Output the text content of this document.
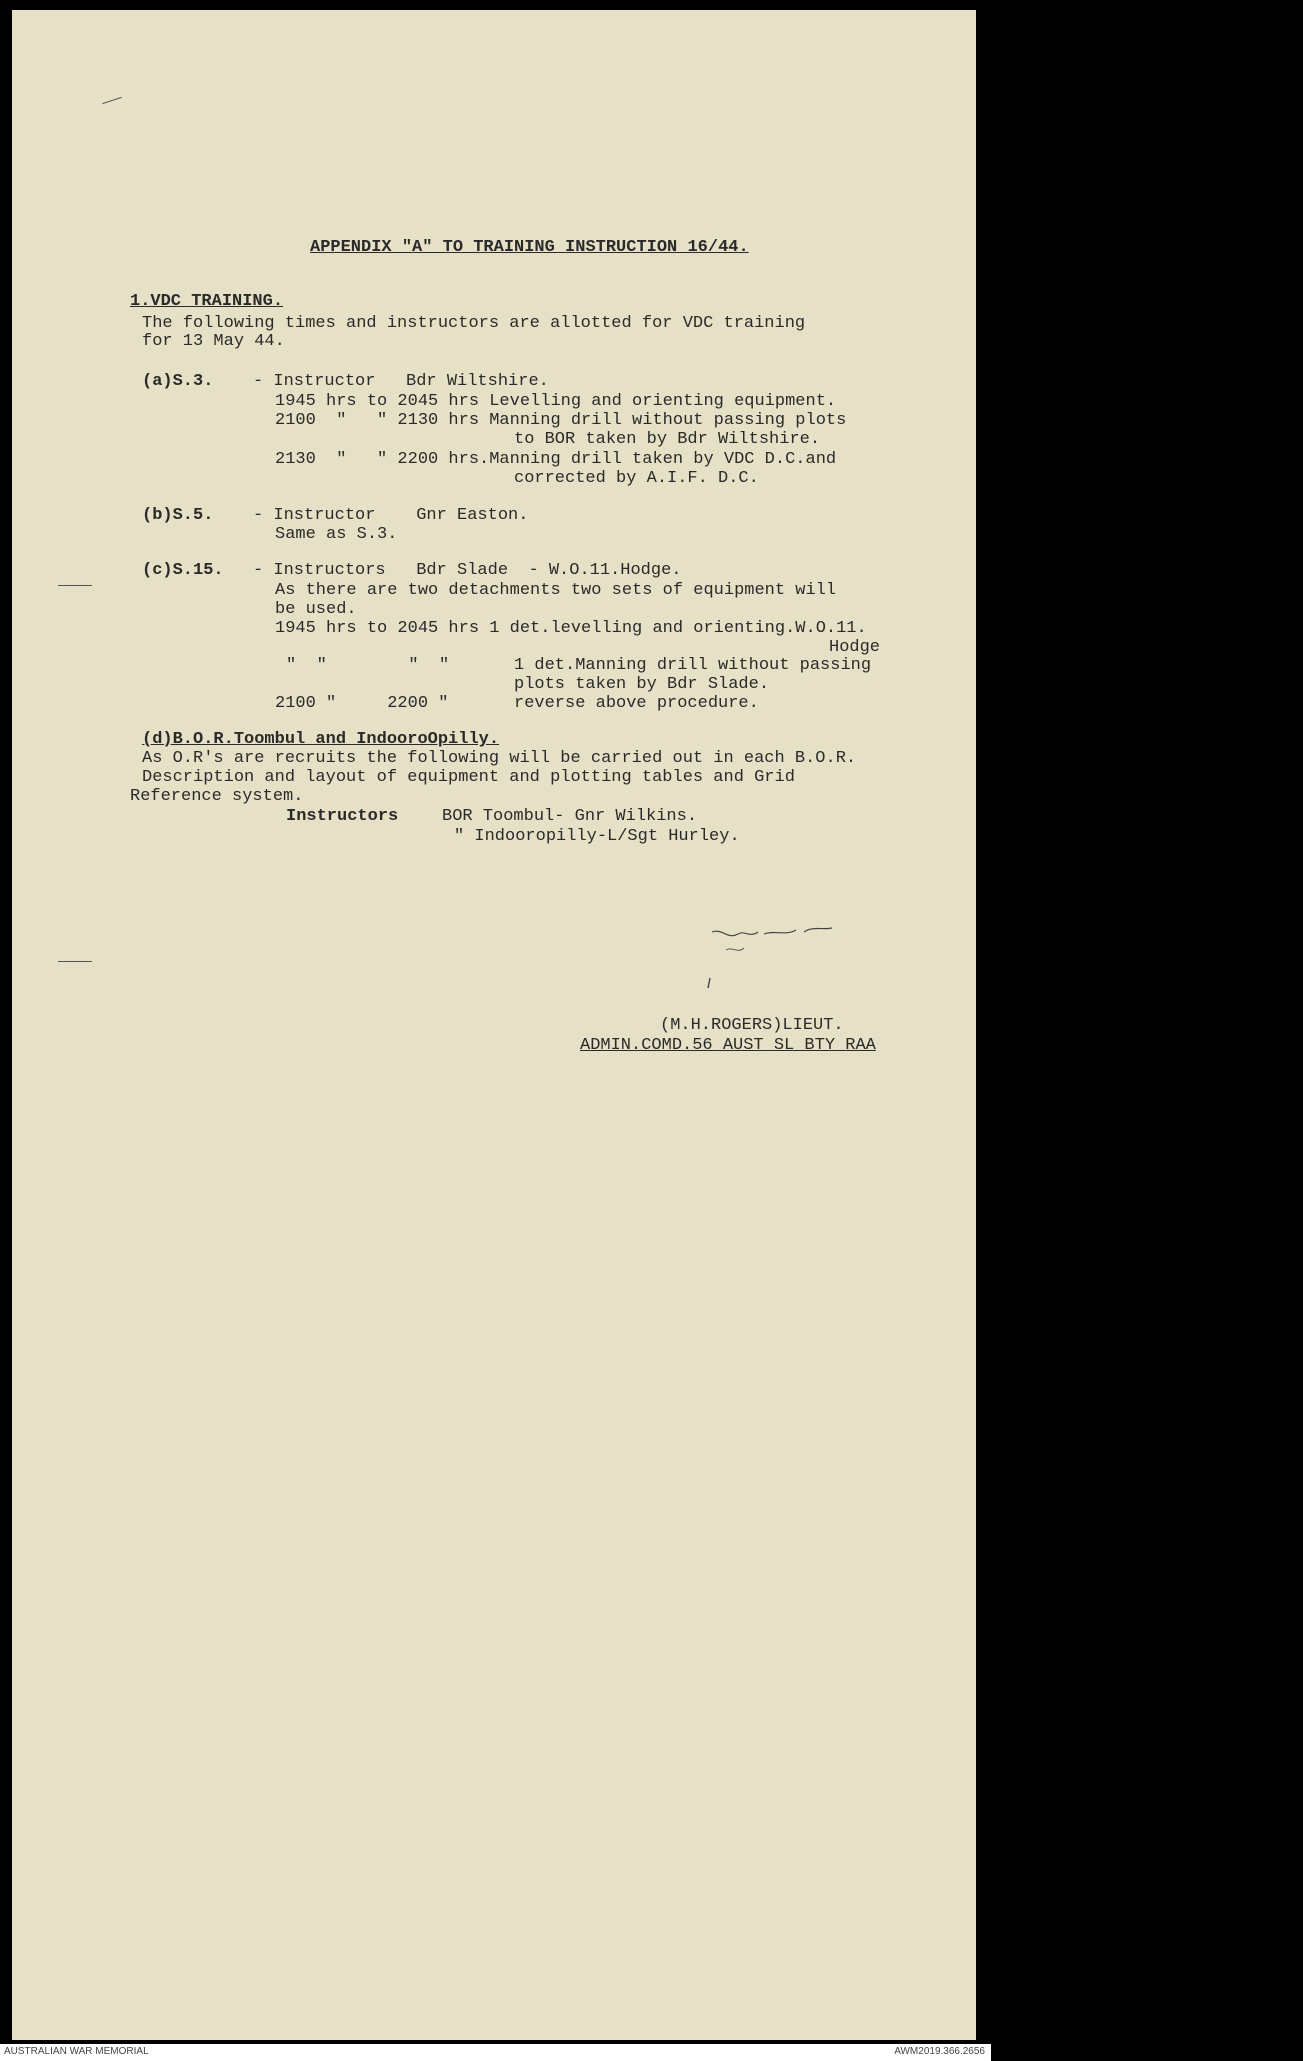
APPENDIX "A" TO TRAINING INSTRUCTION 16/44.
1.VDC TRAINING.
The following times and instructors are allotted for VDC training
for 13 May 44.
(a)S.3. - Instructor   Bdr Wiltshire.
1945 hrs to 2045 hrs Levelling and orienting equipment.
2100  "   " 2130 hrs Manning drill without passing plots
to BOR taken by Bdr Wiltshire.
2130  "   " 2200 hrs.Manning drill taken by VDC D.C.and
corrected by A.I.F. D.C.
(b)S.5. - Instructor    Gnr Easton.
Same as S.3.
(c)S.15. - Instructors   Bdr Slade  - W.O.11.Hodge.
As there are two detachments two sets of equipment will
be used.
1945 hrs to 2045 hrs 1 det.levelling and orienting.W.O.11.
Hodge
"  "        "  "	1 det.Manning drill without passing
plots taken by Bdr Slade.
2100 "     2200 "	reverse above procedure.
(d)B.O.R.Toombul and IndooroOpilly.
As O.R's are recruits the following will be carried out in each B.O.R.
Description and layout of equipment and plotting tables and Grid
Reference system.
Instructors	BOR Toombul- Gnr Wilkins.
" Indooropilly-L/Sgt Hurley.
(M.H.ROGERS)LIEUT.
ADMIN.COMD.56 AUST SL BTY RAA
AUSTRALIAN WAR MEMORIAL	AWM2019.366.2656
